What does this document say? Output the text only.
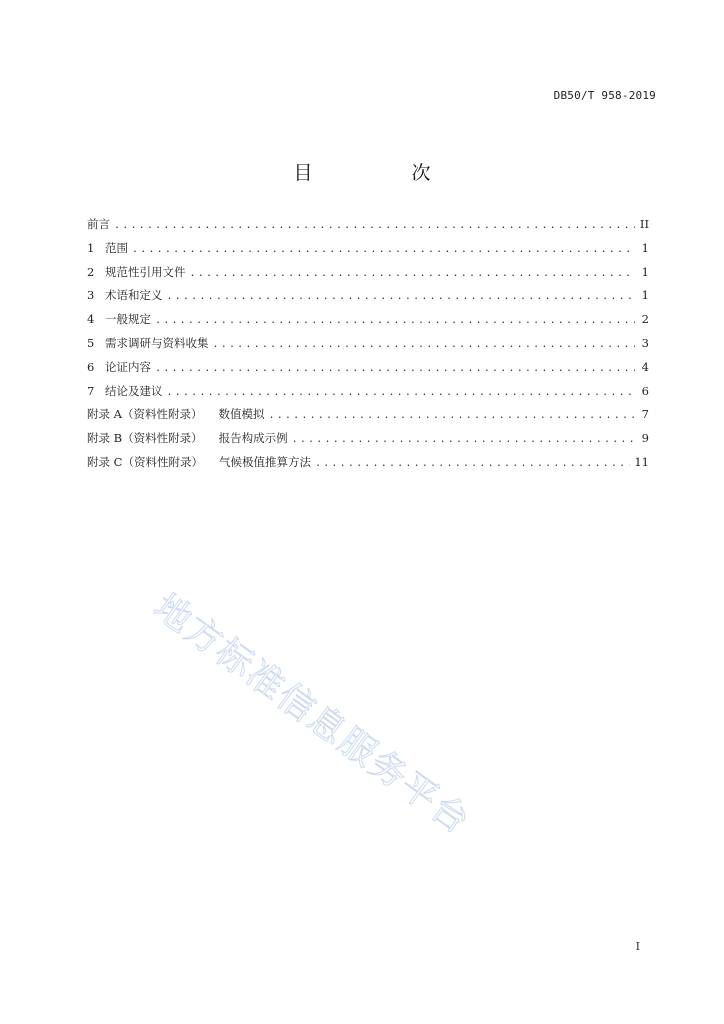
DB50/T 958-2019
目　次
前言 .....	II
1 范围 .....	1
2 规范性引用文件 .....	1
3 术语和定义 .....	1
4 一般规定 .....	2
5 需求调研与资料收集 .....	3
6 论证内容 .....	4
7 结论及建议 .....	6
附录 A（资料性附录） 数值模拟 .....	7
附录 B（资料性附录） 报告构成示例 .....	9
附录 C（资料性附录） 气候极值推算方法 .....	11
地方标准信息服务平台
I
